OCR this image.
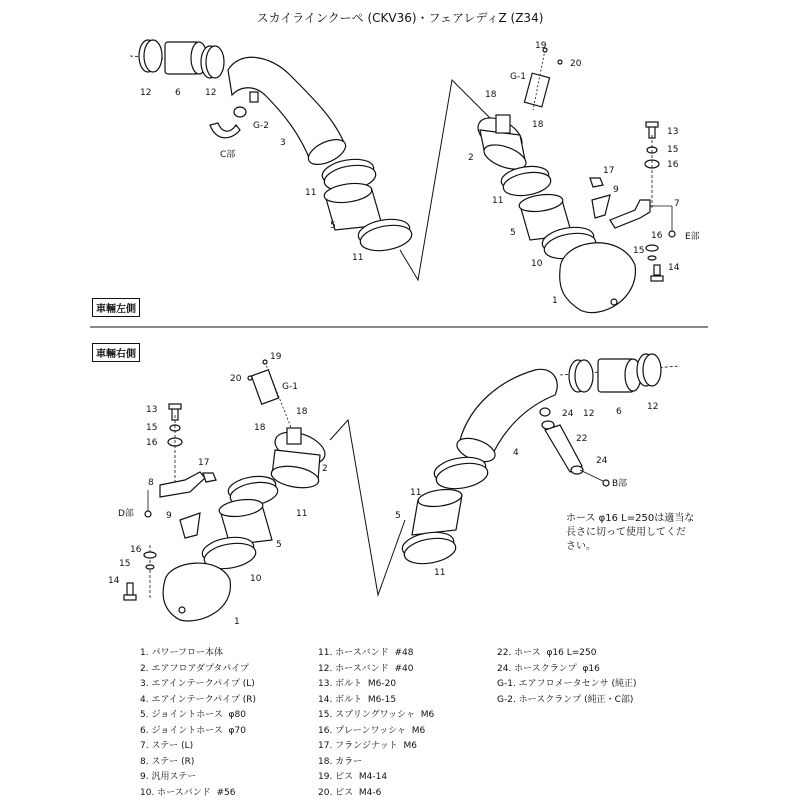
スカイラインクーペ (CKV36)・フェアレディZ (Z34)
12	6	12
G-2
C部
3
11
5
11
19
20
G-1
18
18
2
11
5
10
1
13
15
16
17
9
7
16
15
14
E部
19
20
G-1
18
18
2
13
15
16
17
8
D部	9
16
15
14
11
5
10
1
24 12 6	12
4
22
24
B部
11
5
11
車輛左側
車輛右側
ホース φ16 L=250は適当な
長さに切って使用してくだ
さい。
1. パワーフロー本体
2. エアフロアダプタパイプ
3. エアインテークパイプ (L)
4. エアインテークパイプ (R)
5. ジョイントホース  φ80
6. ジョイントホース  φ70
7. ステー (L)
8. ステー (R)
9. 汎用ステー
10. ホースバンド  #56
11. ホースバンド  #48
12. ホースバンド  #40
13. ボルト  M6-20
14. ボルト  M6-15
15. スプリングワッシャ  M6
16. プレーンワッシャ  M6
17. フランジナット  M6
18. カラー
19. ビス  M4-14
20. ビス  M4-6
22. ホース  φ16 L=250
24. ホースクランプ  φ16
G-1. エアフロメータセンサ (純正)
G-2. ホースクランプ (純正・C部)
